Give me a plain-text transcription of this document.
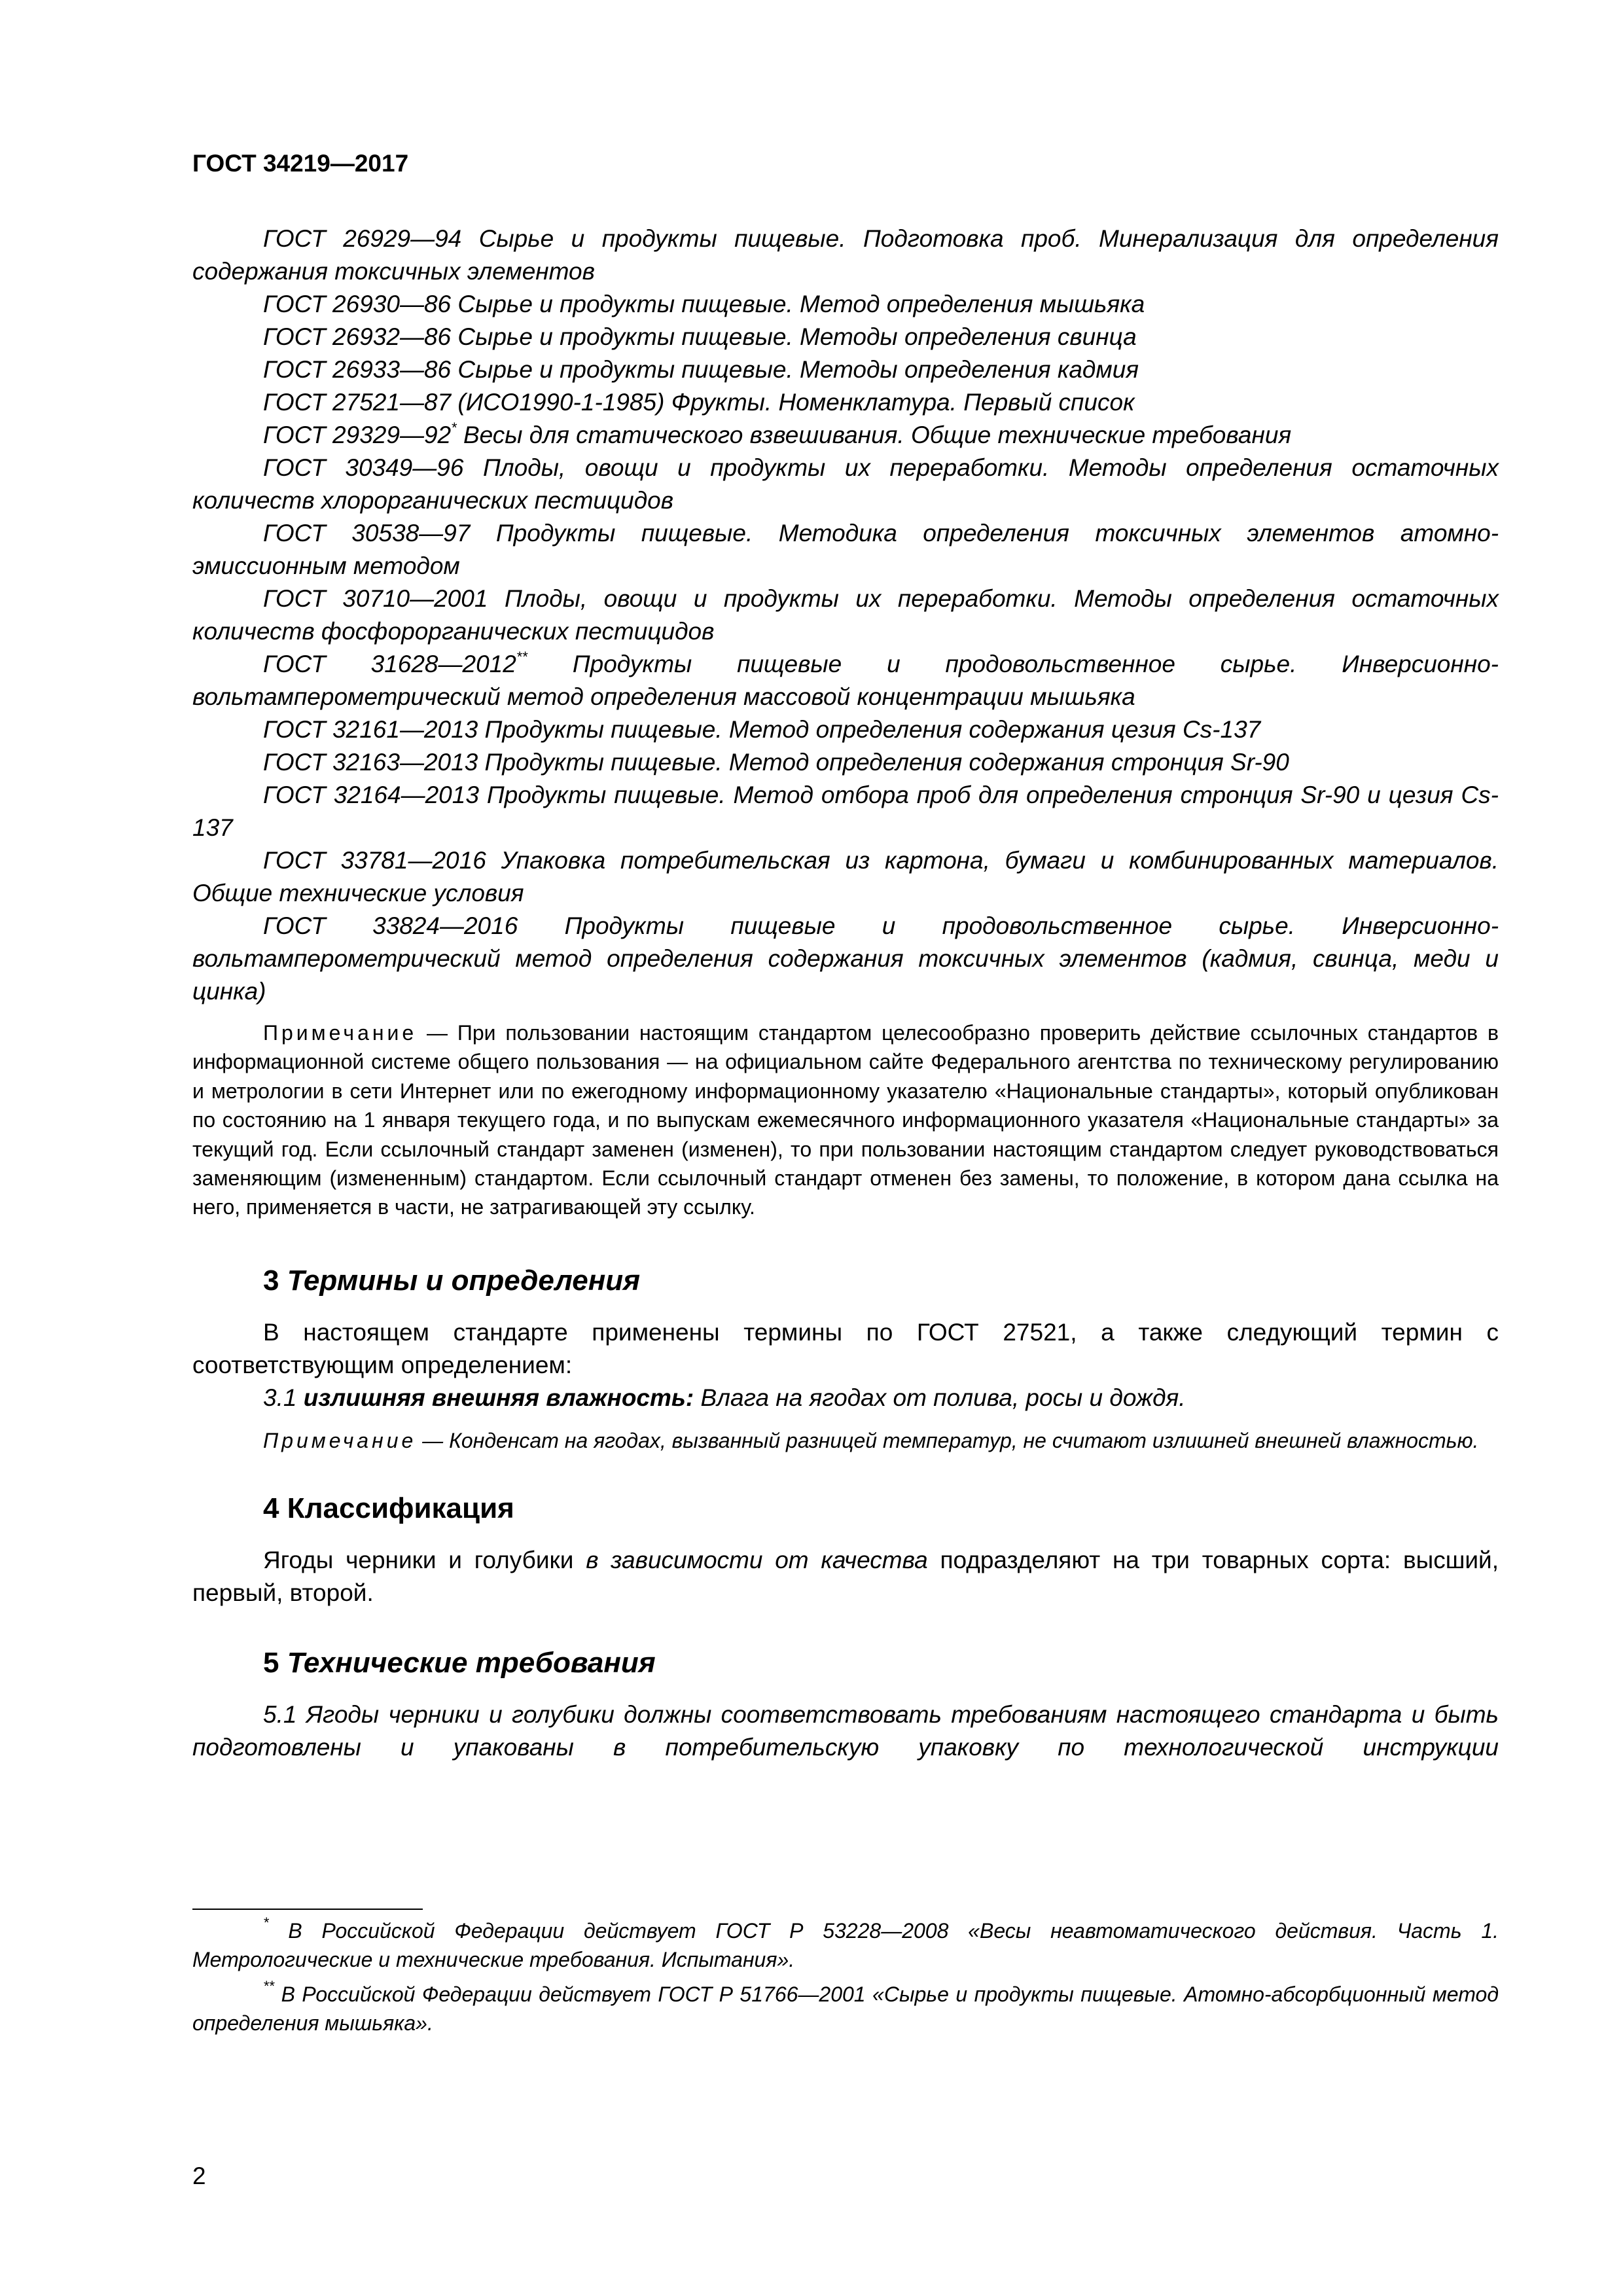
ГОСТ 34219—2017

ГОСТ 26929—94 Сырье и продукты пищевые. Подготовка проб. Минерализация для определения содержания токсичных элементов

ГОСТ 26930—86 Сырье и продукты пищевые. Метод определения мышьяка

ГОСТ 26932—86 Сырье и продукты пищевые. Методы определения свинца

ГОСТ 26933—86 Сырье и продукты пищевые. Методы определения кадмия

ГОСТ 27521—87 (ИСО1990-1-1985) Фрукты. Номенклатура. Первый список

ГОСТ 29329—92* Весы для статического взвешивания. Общие технические требования

ГОСТ 30349—96 Плоды, овощи и продукты их переработки. Методы определения остаточных количеств хлорорганических пестицидов

ГОСТ 30538—97 Продукты пищевые. Методика определения токсичных элементов атомно-эмиссионным методом

ГОСТ 30710—2001 Плоды, овощи и продукты их переработки. Методы определения остаточных количеств фосфорорганических пестицидов

ГОСТ 31628—2012** Продукты пищевые и продовольственное сырье. Инверсионно-вольтамперометрический метод определения массовой концентрации мышьяка

ГОСТ 32161—2013 Продукты пищевые. Метод определения содержания цезия Cs-137

ГОСТ 32163—2013 Продукты пищевые. Метод определения содержания стронция Sr-90

ГОСТ 32164—2013 Продукты пищевые. Метод отбора проб для определения стронция Sr-90 и цезия Cs-137

ГОСТ 33781—2016 Упаковка потребительская из картона, бумаги и комбинированных материалов. Общие технические условия

ГОСТ 33824—2016 Продукты пищевые и продовольственное сырье. Инверсионно-вольтамперометрический метод определения содержания токсичных элементов (кадмия, свинца, меди и цинка)

Примечание — При пользовании настоящим стандартом целесообразно проверить действие ссылочных стандартов в информационной системе общего пользования — на официальном сайте Федерального агентства по техническому регулированию и метрологии в сети Интернет или по ежегодному информационному указателю «Национальные стандарты», который опубликован по состоянию на 1 января текущего года, и по выпускам ежемесячного информационного указателя «Национальные стандарты» за текущий год. Если ссылочный стандарт заменен (изменен), то при пользовании настоящим стандартом следует руководствоваться заменяющим (измененным) стандартом. Если ссылочный стандарт отменен без замены, то положение, в котором дана ссылка на него, применяется в части, не затрагивающей эту ссылку.

3 Термины и определения

В настоящем стандарте применены термины по ГОСТ 27521, а также следующий термин с соответствующим определением:

3.1 излишняя внешняя влажность: Влага на ягодах от полива, росы и дождя.

Примечание — Конденсат на ягодах, вызванный разницей температур, не считают излишней внешней влажностью.

4 Классификация

Ягоды черники и голубики в зависимости от качества подразделяют на три товарных сорта: высший, первый, второй.

5 Технические требования

5.1 Ягоды черники и голубики должны соответствовать требованиям настоящего стандарта и быть подготовлены и упакованы в потребительскую упаковку по технологической инструкции

* В Российской Федерации действует ГОСТ Р 53228—2008 «Весы неавтоматического действия. Часть 1. Метрологические и технические требования. Испытания».

** В Российской Федерации действует ГОСТ Р 51766—2001 «Сырье и продукты пищевые. Атомно-абсорбционный метод определения мышьяка».

2
